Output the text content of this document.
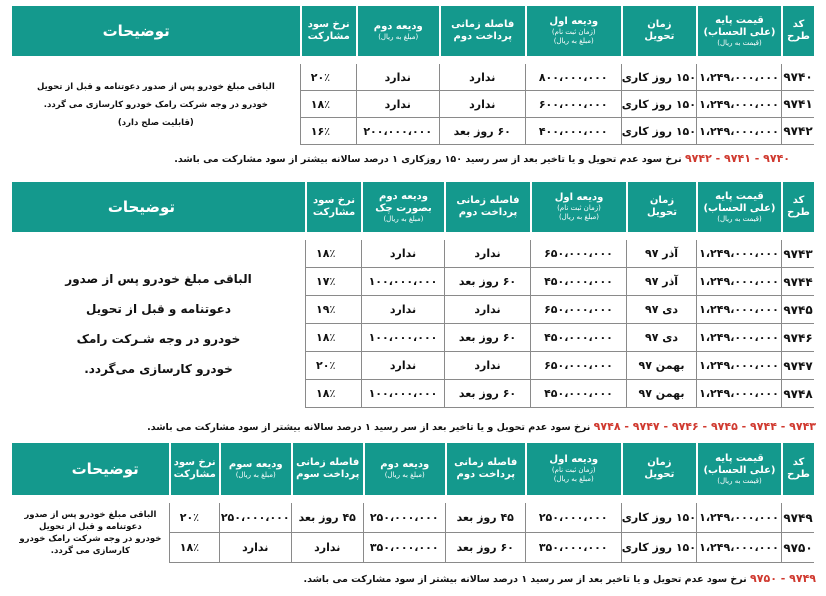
کد
طرح	قیمت پایه
(علی الحساب)
(قیمت به ریال)	زمان
تحویل	ودیعه اول
(زمان ثبت نام)
(مبلغ به ریال)	فاصله زمانی
پرداخت دوم	ودیعه دوم
(مبلغ به ریال)	نرخ سود
مشارکت	توضیحات

۹۷۴۰	۱،۲۴۹،۰۰۰،۰۰۰	۱۵۰ روز کاری	۸۰۰،۰۰۰،۰۰۰	ندارد	ندارد	۲۰٪	الباقی مبلغ خودرو پس از صدور دعوتنامه و قبل از تحویل
خودرو در وجه شرکت رامک خودرو کارسازی می گردد.
(قابلیت صلح دارد)
۹۷۴۱	۱،۲۴۹،۰۰۰،۰۰۰	۱۵۰ روز کاری	۶۰۰،۰۰۰،۰۰۰	ندارد	ندارد	۱۸٪	
۹۷۴۲	۱،۲۴۹،۰۰۰،۰۰۰	۱۵۰ روز کاری	۴۰۰،۰۰۰،۰۰۰	۶۰ روز بعد	۲۰۰،۰۰۰،۰۰۰	۱۶٪	
۹۷۴۰ - ۹۷۴۱ - ۹۷۴۲ نرخ سود عدم تحویل و یا تاخیر بعد از سر رسید ۱۵۰ روزکاری ۱ درصد سالانه بیشتر از سود مشارکت می باشد.
کد
طرح	قیمت پایه
(علی الحساب)
(قیمت به ریال)	زمان
تحویل	ودیعه اول
(زمان ثبت نام)
(مبلغ به ریال)	فاصله زمانی
پرداخت دوم	ودیعه دوم
بصورت چک
(مبلغ به ریال)	نرخ سود
مشارکت	توضیحات

۹۷۴۳	۱،۲۴۹،۰۰۰،۰۰۰	آذر ۹۷	۶۵۰،۰۰۰،۰۰۰	ندارد	ندارد	۱۸٪	الباقی مبلغ خودرو پس از صدور
دعوتنامه و قبل از تحویل
خودرو در وجه شـرکت رامک
خودرو کارسازی می‌گردد.
۹۷۴۴	۱،۲۴۹،۰۰۰،۰۰۰	آذر ۹۷	۴۵۰،۰۰۰،۰۰۰	۶۰ روز بعد	۱۰۰،۰۰۰،۰۰۰	۱۷٪	
۹۷۴۵	۱،۲۴۹،۰۰۰،۰۰۰	دی ۹۷	۶۵۰،۰۰۰،۰۰۰	ندارد	ندارد	۱۹٪	
۹۷۴۶	۱،۲۴۹،۰۰۰،۰۰۰	دی ۹۷	۴۵۰،۰۰۰،۰۰۰	۶۰ روز بعد	۱۰۰،۰۰۰،۰۰۰	۱۸٪	
۹۷۴۷	۱،۲۴۹،۰۰۰،۰۰۰	بهمن ۹۷	۶۵۰،۰۰۰،۰۰۰	ندارد	ندارد	۲۰٪	
۹۷۴۸	۱،۲۴۹،۰۰۰،۰۰۰	بهمن ۹۷	۴۵۰،۰۰۰،۰۰۰	۶۰ روز بعد	۱۰۰،۰۰۰،۰۰۰	۱۸٪	
۹۷۴۳ - ۹۷۴۴ - ۹۷۴۵ - ۹۷۴۶ - ۹۷۴۷ - ۹۷۴۸ نرخ سود عدم تحویل و یا تاخیر بعد از سر رسید ۱ درصد سالانه بیشتر از سود مشارکت می باشد.
کد
طرح	قیمت پایه
(علی الحساب)
(قیمت به ریال)	زمان
تحویل	ودیعه اول
(زمان ثبت نام)
(مبلغ به ریال)	فاصله زمانی
پرداخت دوم	ودیعه دوم
(مبلغ به ریال)	فاصله زمانی
پرداخت سوم	ودیعه سوم
(مبلغ به ریال)	نرخ سود
مشارکت	توضیحات

۹۷۴۹	۱،۲۴۹،۰۰۰،۰۰۰	۱۵۰ روز کاری	۲۵۰،۰۰۰،۰۰۰	۴۵ روز بعد	۲۵۰،۰۰۰،۰۰۰	۴۵ روز بعد	۲۵۰،۰۰۰،۰۰۰	۲۰٪	الباقی مبلغ خودرو پس از صدور
دعوتنامه و قبل از تحویل
خودرو در وجه شرکت رامک خودرو
کارسازی می گردد.
۹۷۵۰	۱،۲۴۹،۰۰۰،۰۰۰	۱۵۰ روز کاری	۳۵۰،۰۰۰،۰۰۰	۶۰ روز بعد	۳۵۰،۰۰۰،۰۰۰	ندارد	ندارد	۱۸٪	
۹۷۴۹ - ۹۷۵۰ نرخ سود عدم تحویل و یا تاخیر بعد از سر رسید ۱ درصد سالانه بیشتر از سود مشارکت می باشد.
